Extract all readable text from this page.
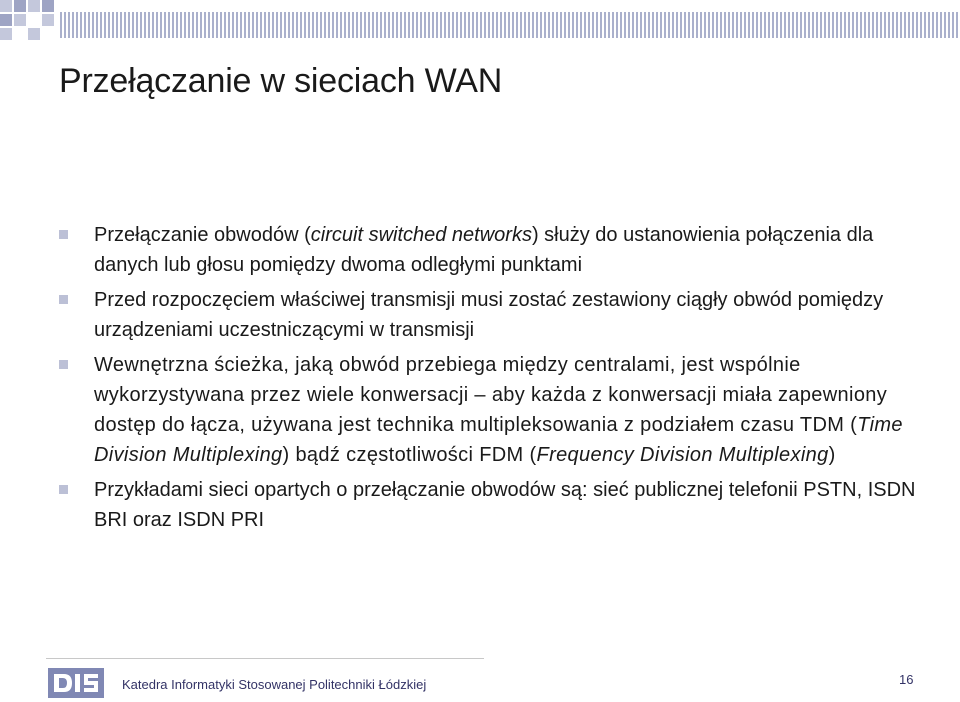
Przełączanie w sieciach WAN
Przełączanie obwodów (circuit switched networks) służy do ustanowienia połączenia dla danych lub głosu pomiędzy dwoma odległymi punktami
Przed rozpoczęciem właściwej transmisji musi zostać zestawiony ciągły obwód pomiędzy urządzeniami uczestniczącymi w transmisji
Wewnętrzna ścieżka, jaką obwód przebiega między centralami, jest wspólnie wykorzystywana przez wiele konwersacji – aby każda z konwersacji miała zapewniony dostęp do łącza, używana jest technika multipleksowania z podziałem czasu TDM (Time Division Multiplexing) bądź częstotliwości FDM (Frequency Division Multiplexing)
Przykładami sieci opartych o przełączanie obwodów są: sieć publicznej telefonii PSTN, ISDN BRI oraz ISDN PRI
Katedra Informatyki Stosowanej Politechniki Łódzkiej	16
